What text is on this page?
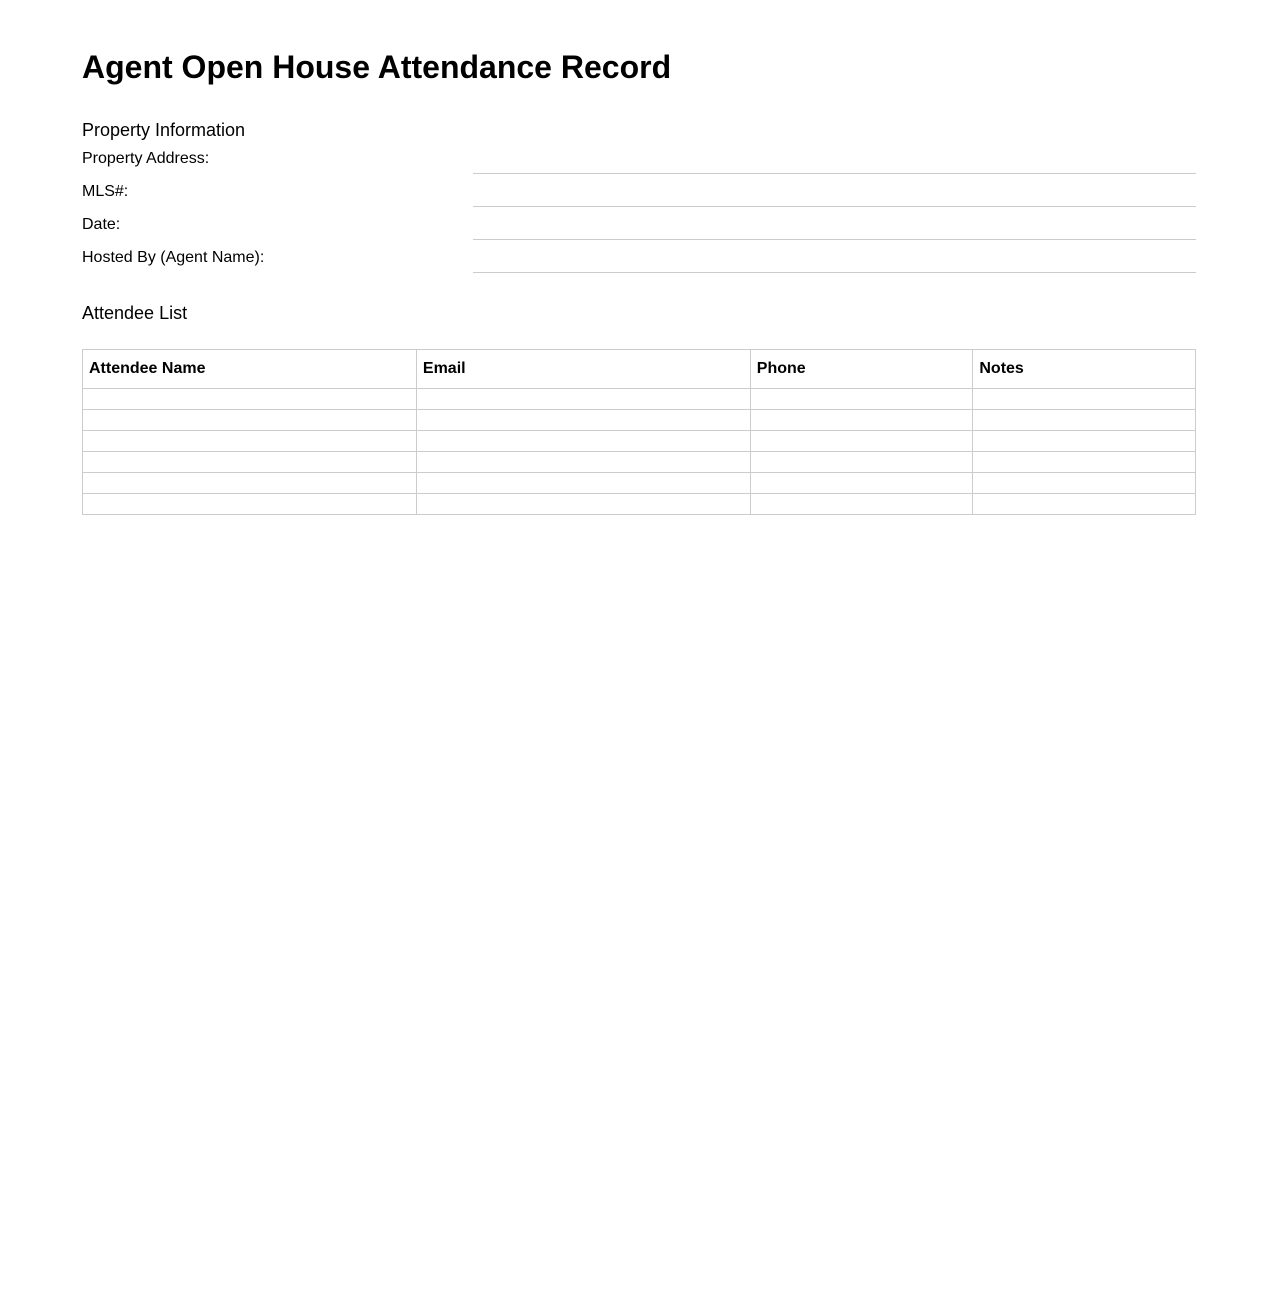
Agent Open House Attendance Record
Property Information
Property Address:
MLS#:
Date:
Hosted By (Agent Name):
Attendee List
Attendee Name	Email	Phone	Notes
